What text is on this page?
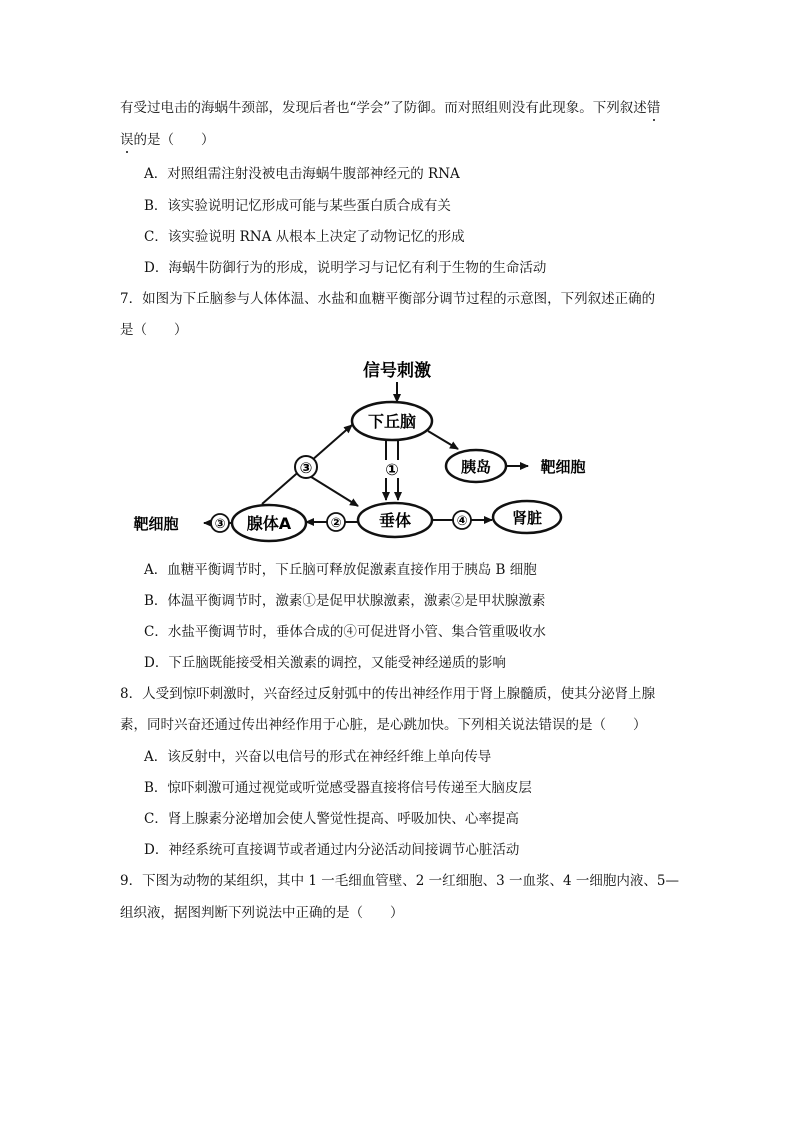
有受过电击的海蜗牛颈部，发现后者也“学会”了防御。而对照组则没有此现象。下列叙述错
误的是（　　）
A．对照组需注射没被电击海蜗牛腹部神经元的 RNA
B．该实验说明记忆形成可能与某些蛋白质合成有关
C．该实验说明 RNA 从根本上决定了动物记忆的形成
D．海蜗牛防御行为的形成，说明学习与记忆有利于生物的生命活动
7．如图为下丘脑参与人体体温、水盐和血糖平衡部分调节过程的示意图，下列叙述正确的
是（　　）
信号刺激
下丘脑
胰岛	靶细胞
①
垂体	④	肾脏
②
腺体A
③
靶细胞
③
A．血糖平衡调节时，下丘脑可释放促激素直接作用于胰岛 B 细胞
B．体温平衡调节时，激素①是促甲状腺激素，激素②是甲状腺激素
C．水盐平衡调节时，垂体合成的④可促进肾小管、集合管重吸收水
D．下丘脑既能接受相关激素的调控，又能受神经递质的影响
8．人受到惊吓刺激时，兴奋经过反射弧中的传出神经作用于肾上腺髓质，使其分泌肾上腺
素，同时兴奋还通过传出神经作用于心脏，是心跳加快。下列相关说法错误的是（　　）
A．该反射中，兴奋以电信号的形式在神经纤维上单向传导
B．惊吓刺激可通过视觉或听觉感受器直接将信号传递至大脑皮层
C．肾上腺素分泌增加会使人警觉性提高、呼吸加快、心率提高
D．神经系统可直接调节或者通过内分泌活动间接调节心脏活动
9．下图为动物的某组织，其中 1 一毛细血管壁、2 一红细胞、3 一血浆、4 一细胞内液、5—
组织液，据图判断下列说法中正确的是（　　）
